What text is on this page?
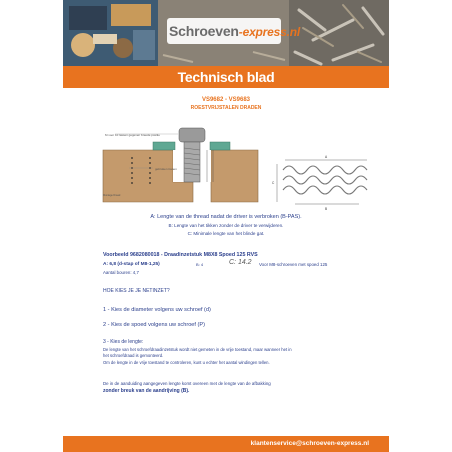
Schroeven-express.nl
Technisch blad
VS9682 - VS9683
ROESTVRIJSTALEN DRADEN
M voor 10 lassen gegeven breede positie
gebroken tranen
Montage Draad
A
B
C
A: Lengte van de thread nadat de driver is verbroken (B-PAS).
B: Lengte van het tikken zonder de driver te verwijderen.
C: Minimale lengte van het blinde gat.
Voorbeeld 9682080018 - Draadinzetstuk M8X8 Spoed 125 RVS
A: 6,8 (d-stap of M8-1,25)	B: 4	C: 14.2 Voor M8-schroeven met spoed 125
Aantal bouren: 4,7
HOE KIES JE JE NETINZET?
1 - Kies de diameter volgens uw schroef (d)
2 - Kies de spoed volgens uw schroef (P)
3 - Kies de lengte:
De lengte van het schroefdraadinzetstuk wordt niet gemeten in de vrije toestand, maar wanneer het in
het schroefdraad is gemonteerd.
Om de lengte in de vrije toestand te controleren, kunt u echter het aantal windingen tellen.
De in de aanduiding aangegeven lengte komt overeen met de lengte van de afbakking
zonder breuk van de aandrijving (B).
klantenservice@schroeven-express.nl
